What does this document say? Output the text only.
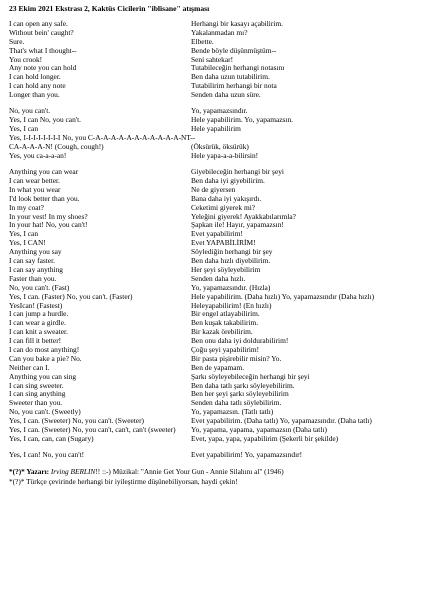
23 Ekim 2021 Ekstrası 2, Kaktüs Cicilerin "iblisane" atışması
I can open any safe.	Herhangi bir kasayı açabilirim.
Without bein' caught?	Yakalanmadan mı?
Sure.	Elbette.
That's what I thought--	Bende böyle düşünmüştüm--
You crook!	Seni sahtekar!
Any note you can hold	Tutabileceğin herhangi notasını
I can hold longer.	Ben daha uzun tutabilirim.
I can hold any note	Tutabilirim herhangi bir nota
Longer than you.	Senden daha uzun süre.
No, you can't.	Yo, yapamazsındır.
Yes, I can No, you can't.	Hele yapabilirim. Yo, yapamazsın.
Yes, I can	Hele yapabilirim
Yes, I-I-I-I-I-I-I-I No, you C-A-A-A-A-A-A-A-A-A-A-A-NT--
CA-A-A-A-N! (Cough, cough!)	(Öksürük, öksürük)
Yes, you ca-a-a-an!	Hele yapa-a-a-bilirsin!
Anything you can wear	Giyebileceğin herhangi bir şeyi
I can wear better.	Ben daha iyi giyebilirim.
In what you wear	Ne de giyersen
I'd look better than you.	Bana daha iyi yakışırdı.
In my coat?	Ceketimi giyerek mi?
In your vest! In my shoes?	Yeleğini giyerek! Ayakkabılarımla?
In your hat! No, you can't!	Şapkan ile! Hayır, yapamazsın!
Yes, I can	Evet yapabilirim!
Yes, I CAN!	Evet YAPABİLİRİM!
Anything you say	Söylediğin herhangi bir şey
I can say faster.	Ben daha hızlı diyebilirim.
I can say anything	Her şeyi söyleyebilirim
Faster than you.	Senden daha hızlı.
No, you can't. (Fast)	Yo, yapamazsındır. (Hızla)
Yes, I can. (Faster) No, you can't. (Faster)	Hele yapabilirim. (Daha hızlı) Yo, yapamazsındır (Daha hızlı)
YesIcan! (Fastest)	Heleyapabilirim! (En hızlı)
I can jump a hurdle.	Bir engel atlayabilirim.
I can wear a girdle.	Ben kuşak takabilirim.
I can knit a sweater.	Bir kazak örebilirim.
I can fill it better!	Ben onu daha iyi doldurabilirim!
I can do most anything!	Çoğu şeyi yapabilirim!
Can you bake a pie? No.	Bir pasta pişirebilir misin? Yo.
Neither can I.	Ben de yapamam.
Anything you can sing	Şarkı söyleyebileceğin herhangi bir şeyi
I can sing sweeter.	Ben daha tatlı şarkı söyleyebilirim.
I can sing anything	Ben her şeyi şarkı söyleyebilirim
Sweeter than you.	Senden daha tatlı söylebilirim.
No, you can't. (Sweetly)	Yo, yapamazsın. (Tatlı tatlı)
Yes, I can. (Sweeter) No, you can't. (Sweeter)	Evet yapabilirim. (Daha tatlı) Yo, yapamazsındır. (Daha tatlı)
Yes, I can. (Sweeter) No, you can't, can't, can't (sweeter)	Yo, yapama, yapama, yapamazsın (Daha tatlı)
Yes, I can, can, can (Sugary)	Evet, yapa, yapa, yapabilirim (Şekerli bir şekilde)
Yes, I can! No, you can't!	Evet yapabilirim! Yo, yapamazsındır!
*(?)* Yazarı: Irving BERLIN!! ::-) Müzikal: "Annie Get Your Gun - Annie Silahını al" (1946)
*(?)* Türkçe çevirinde herhangi bir iyileştirme düşünebiliyorsan, haydi çekin!
